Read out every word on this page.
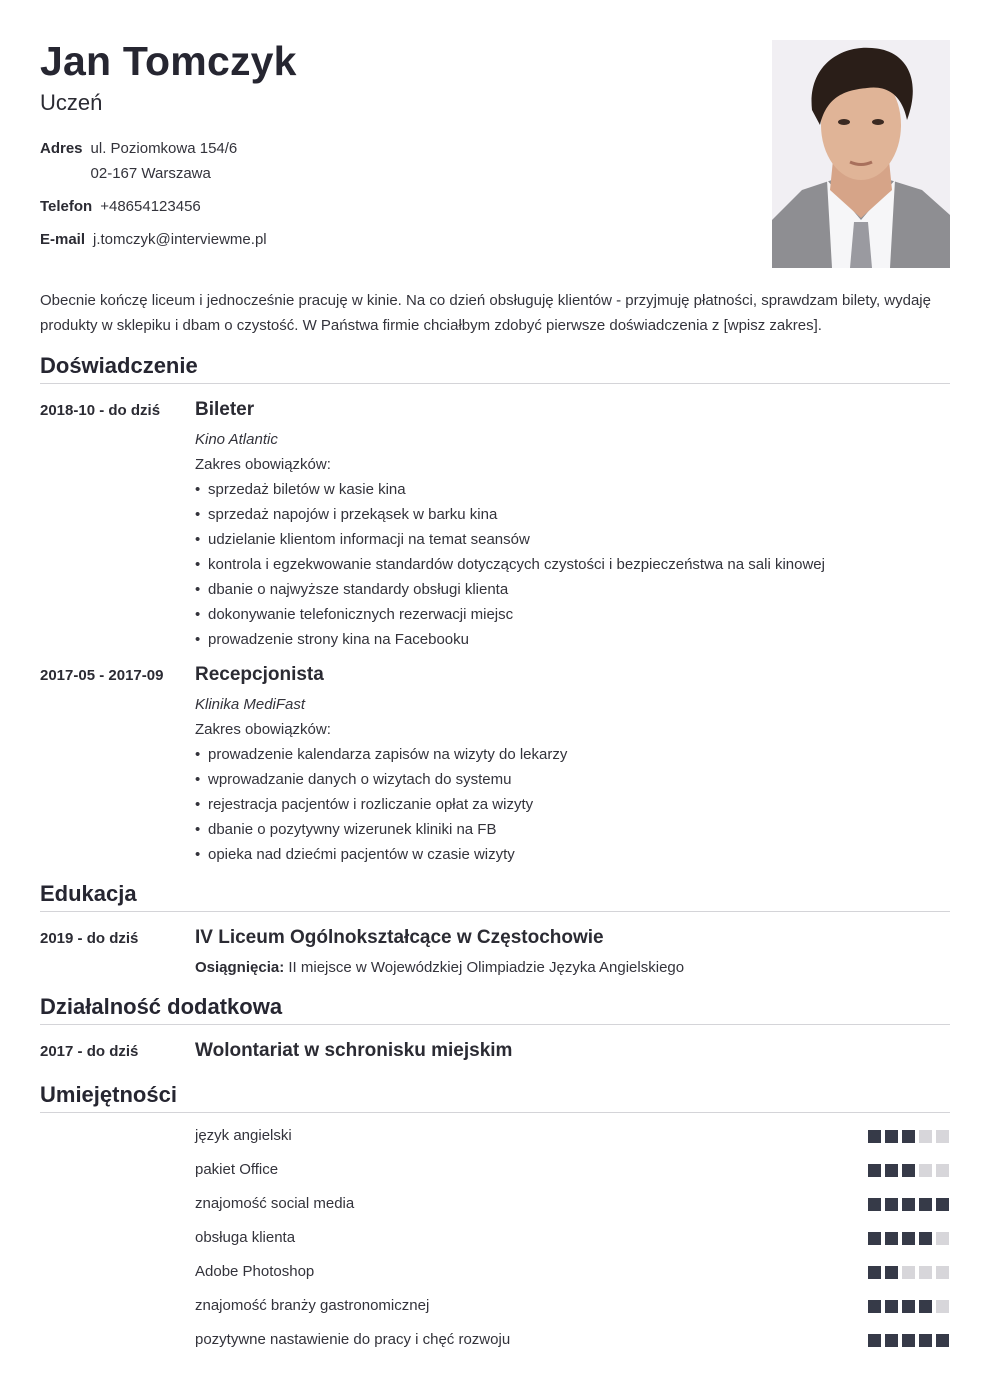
Jan Tomczyk
Uczeń
Adres ul. Poziomkowa 154/6
02-167 Warszawa
Telefon +48654123456
E-mail j.tomczyk@interviewme.pl

Obecnie kończę liceum i jednocześnie pracuję w kinie. Na co dzień obsługuję klientów - przyjmuję płatności, sprawdzam bilety, wydaję produkty w sklepiku i dbam o czystość. W Państwa firmie chciałbym zdobyć pierwsze doświadczenia z [wpisz zakres].

Doświadczenie
2018-10 - do dziś Bileter
Kino Atlantic
Zakres obowiązków:
• sprzedaż biletów w kasie kina
• sprzedaż napojów i przekąsek w barku kina
• udzielanie klientom informacji na temat seansów
• kontrola i egzekwowanie standardów dotyczących czystości i bezpieczeństwa na sali kinowej
• dbanie o najwyższe standardy obsługi klienta
• dokonywanie telefonicznych rezerwacji miejsc
• prowadzenie strony kina na Facebooku
2017-05 - 2017-09 Recepcjonista
Klinika MediFast
Zakres obowiązków:
• prowadzenie kalendarza zapisów na wizyty do lekarzy
• wprowadzanie danych o wizytach do systemu
• rejestracja pacjentów i rozliczanie opłat za wizyty
• dbanie o pozytywny wizerunek kliniki na FB
• opieka nad dziećmi pacjentów w czasie wizyty
Edukacja
2019 - do dziś	IV Liceum Ogólnokształcące w Częstochowie
Osiągnięcia: II miejsce w Wojewódzkiej Olimpiadzie Języka Angielskiego
Działalność dodatkowa
2017 - do dziś	Wolontariat w schronisku miejskim
Umiejętności
język angielski
pakiet Office
znajomość social media
obsługa klienta
Adobe Photoshop
znajomość branży gastronomicznej
pozytywne nastawienie do pracy i chęć rozwoju
